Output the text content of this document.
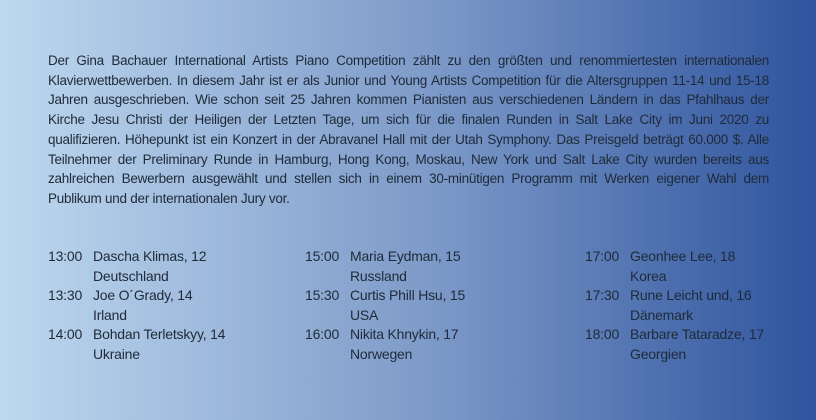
Der Gina Bachauer International Artists Piano Competition zählt zu den größten und renommiertesten internationalen Klavierwettbewerben. In diesem Jahr ist er als Junior und Young Artists Competition für die Altersgruppen 11-14 und 15-18 Jahren ausgeschrieben. Wie schon seit 25 Jahren kommen Pianisten aus verschiedenen Ländern in das Pfahlhaus der Kirche Jesu Christi der Heiligen der Letzten Tage, um sich für die finalen Runden in Salt Lake City im Juni 2020 zu qualifizieren. Höhepunkt ist ein Konzert in der Abravanel Hall mit der Utah Symphony. Das Preisgeld beträgt 60.000 $. Alle Teilnehmer der Preliminary Runde in Hamburg, Hong Kong, Moskau, New York und Salt Lake City wurden bereits aus zahlreichen Bewerbern ausgewählt und stellen sich in einem 30-minütigen Programm mit Werken eigener Wahl dem Publikum und der internationalen Jury vor.
13:00 Dascha Klimas, 12
Deutschland
13:30 Joe O´Grady, 14
Irland
14:00 Bohdan Terletskyy, 14
Ukraine
15:00 Maria Eydman, 15
Russland
15:30 Curtis Phill Hsu, 15
USA
16:00 Nikita Khnykin, 17
Norwegen
17:00 Geonhee Lee, 18
Korea
17:30 Rune Leicht und, 16
Dänemark
18:00 Barbare Tataradze, 17
Georgien
